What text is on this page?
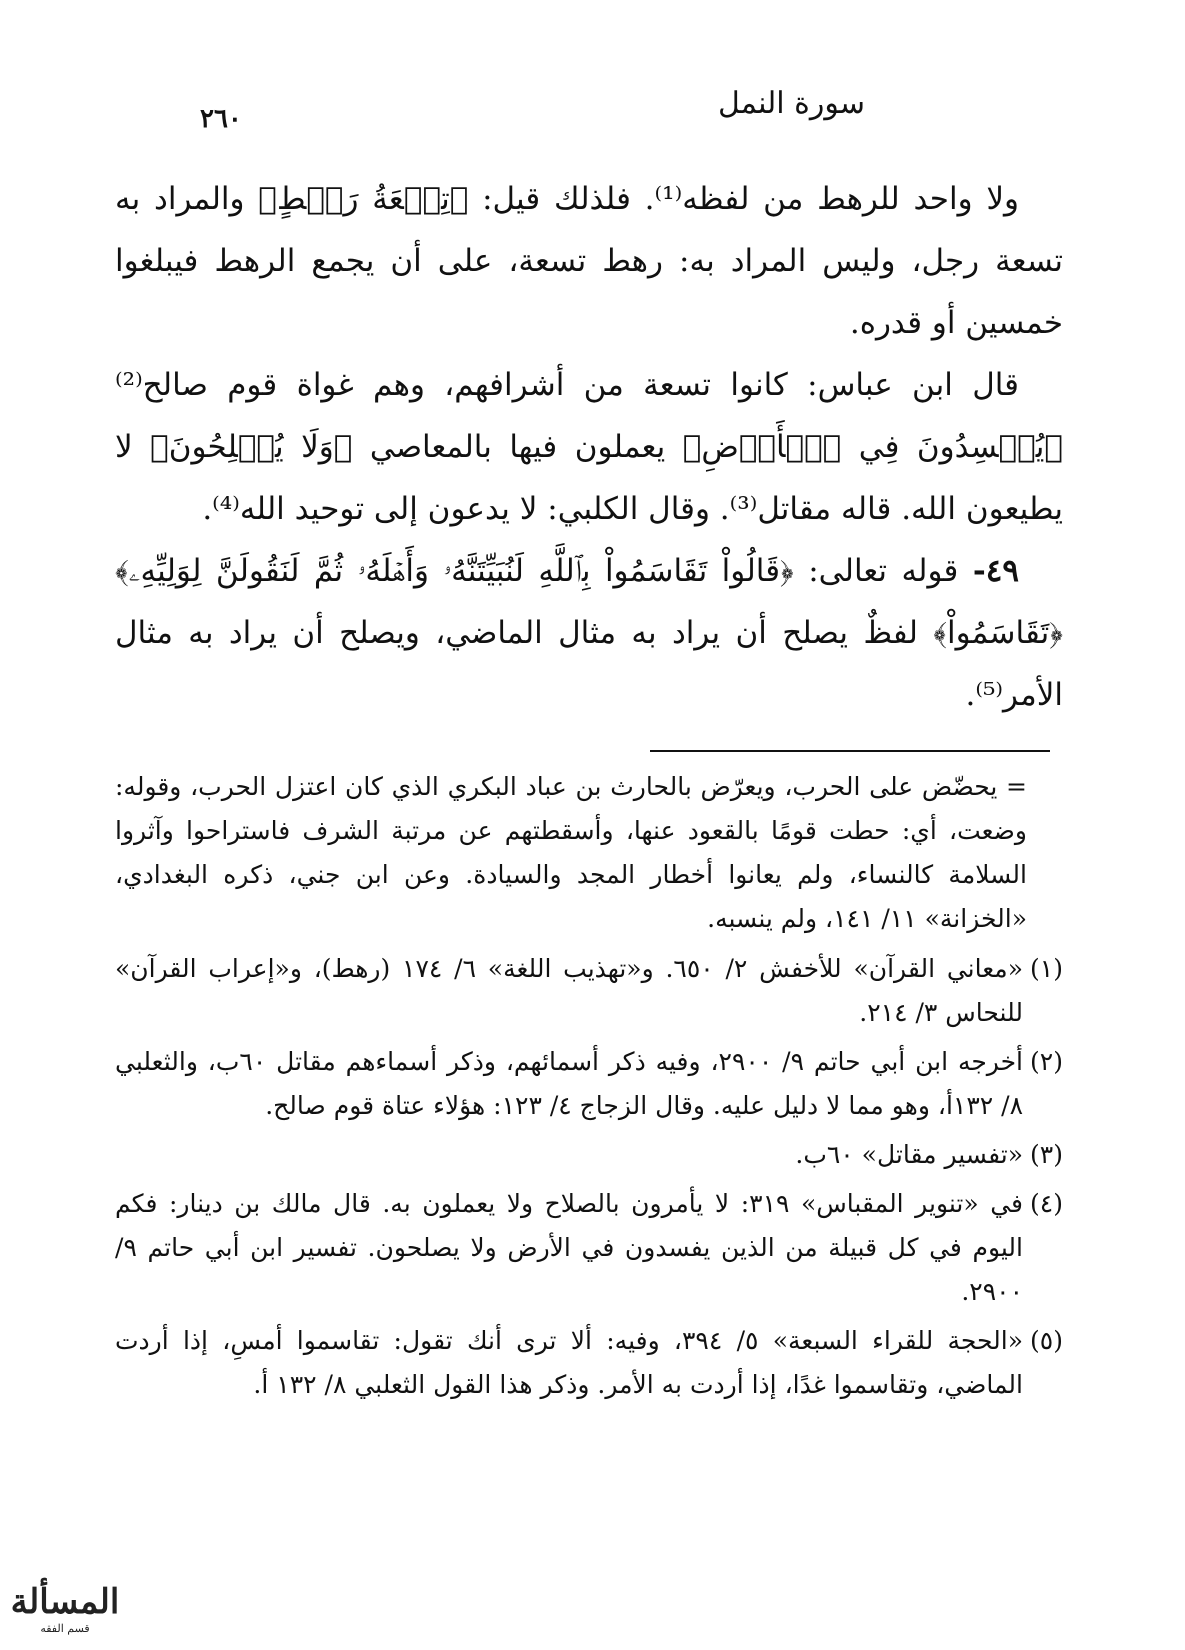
سورة النمل
٢٦٠

ولا واحد للرهط من لفظه⁽¹⁾. فلذلك قيل: ﴿تِسۡعَةُ رَهۡطٍ﴾ والمراد به تسعة رجل، وليس المراد به: رهط تسعة، على أن يجمع الرهط فيبلغوا خمسين أو قدره.

قال ابن عباس: كانوا تسعة من أشرافهم، وهم غواة قوم صالح⁽²⁾﴿يُفۡسِدُونَ فِي ٱلۡأَرۡضِ﴾ يعملون فيها بالمعاصي ﴿وَلَا يُصۡلِحُونَ﴾ لا يطيعون الله. قاله مقاتل⁽³⁾. وقال الكلبي: لا يدعون إلى توحيد الله⁽⁴⁾.

٤٩- قوله تعالى: ﴿قَالُواْ تَقَاسَمُواْ بِٱللَّهِ لَنُبَيِّتَنَّهُۥ وَأَهۡلَهُۥ ثُمَّ لَنَقُولَنَّ لِوَلِيِّهِۦ﴾ ﴿تَقَاسَمُواْ﴾ لفظٌ يصلح أن يراد به مثال الماضي، ويصلح أن يراد به مثال الأمر⁽⁵⁾.

= يحضّض على الحرب، ويعرّض بالحارث بن عباد البكري الذي كان اعتزل الحرب، وقوله: وضعت، أي: حطت قومًا بالقعود عنها، وأسقطتهم عن مرتبة الشرف فاستراحوا وآثروا السلامة كالنساء، ولم يعانوا أخطار المجد والسيادة. وعن ابن جني، ذكره البغدادي، «الخزانة» ١١/ ١٤١، ولم ينسبه.

(١)
«معاني القرآن» للأخفش ٢/ ٦٥٠. و«تهذيب اللغة» ٦/ ١٧٤ (رهط)، و«إعراب القرآن» للنحاس ٣/ ٢١٤.
(٢)
أخرجه ابن أبي حاتم ٩/ ٢٩٠٠، وفيه ذكر أسمائهم، وذكر أسماءهم مقاتل ٦٠ب، والثعلبي ٨/ ١٣٢أ، وهو مما لا دليل عليه. وقال الزجاج ٤/ ١٢٣: هؤلاء عتاة قوم صالح.
(٣)
«تفسير مقاتل» ٦٠ب.
(٤)
في «تنوير المقباس» ٣١٩: لا يأمرون بالصلاح ولا يعملون به. قال مالك بن دينار: فكم اليوم في كل قبيلة من الذين يفسدون في الأرض ولا يصلحون. تفسير ابن أبي حاتم ٩/ ٢٩٠٠.
(٥)
«الحجة للقراء السبعة» ٥/ ٣٩٤، وفيه: ألا ترى أنك تقول: تقاسموا أمسِ، إذا أردت الماضي، وتقاسموا غدًا، إذا أردت به الأمر. وذكر هذا القول الثعلبي ٨/ ١٣٢ أ.
المسألة
قسم الفقه
